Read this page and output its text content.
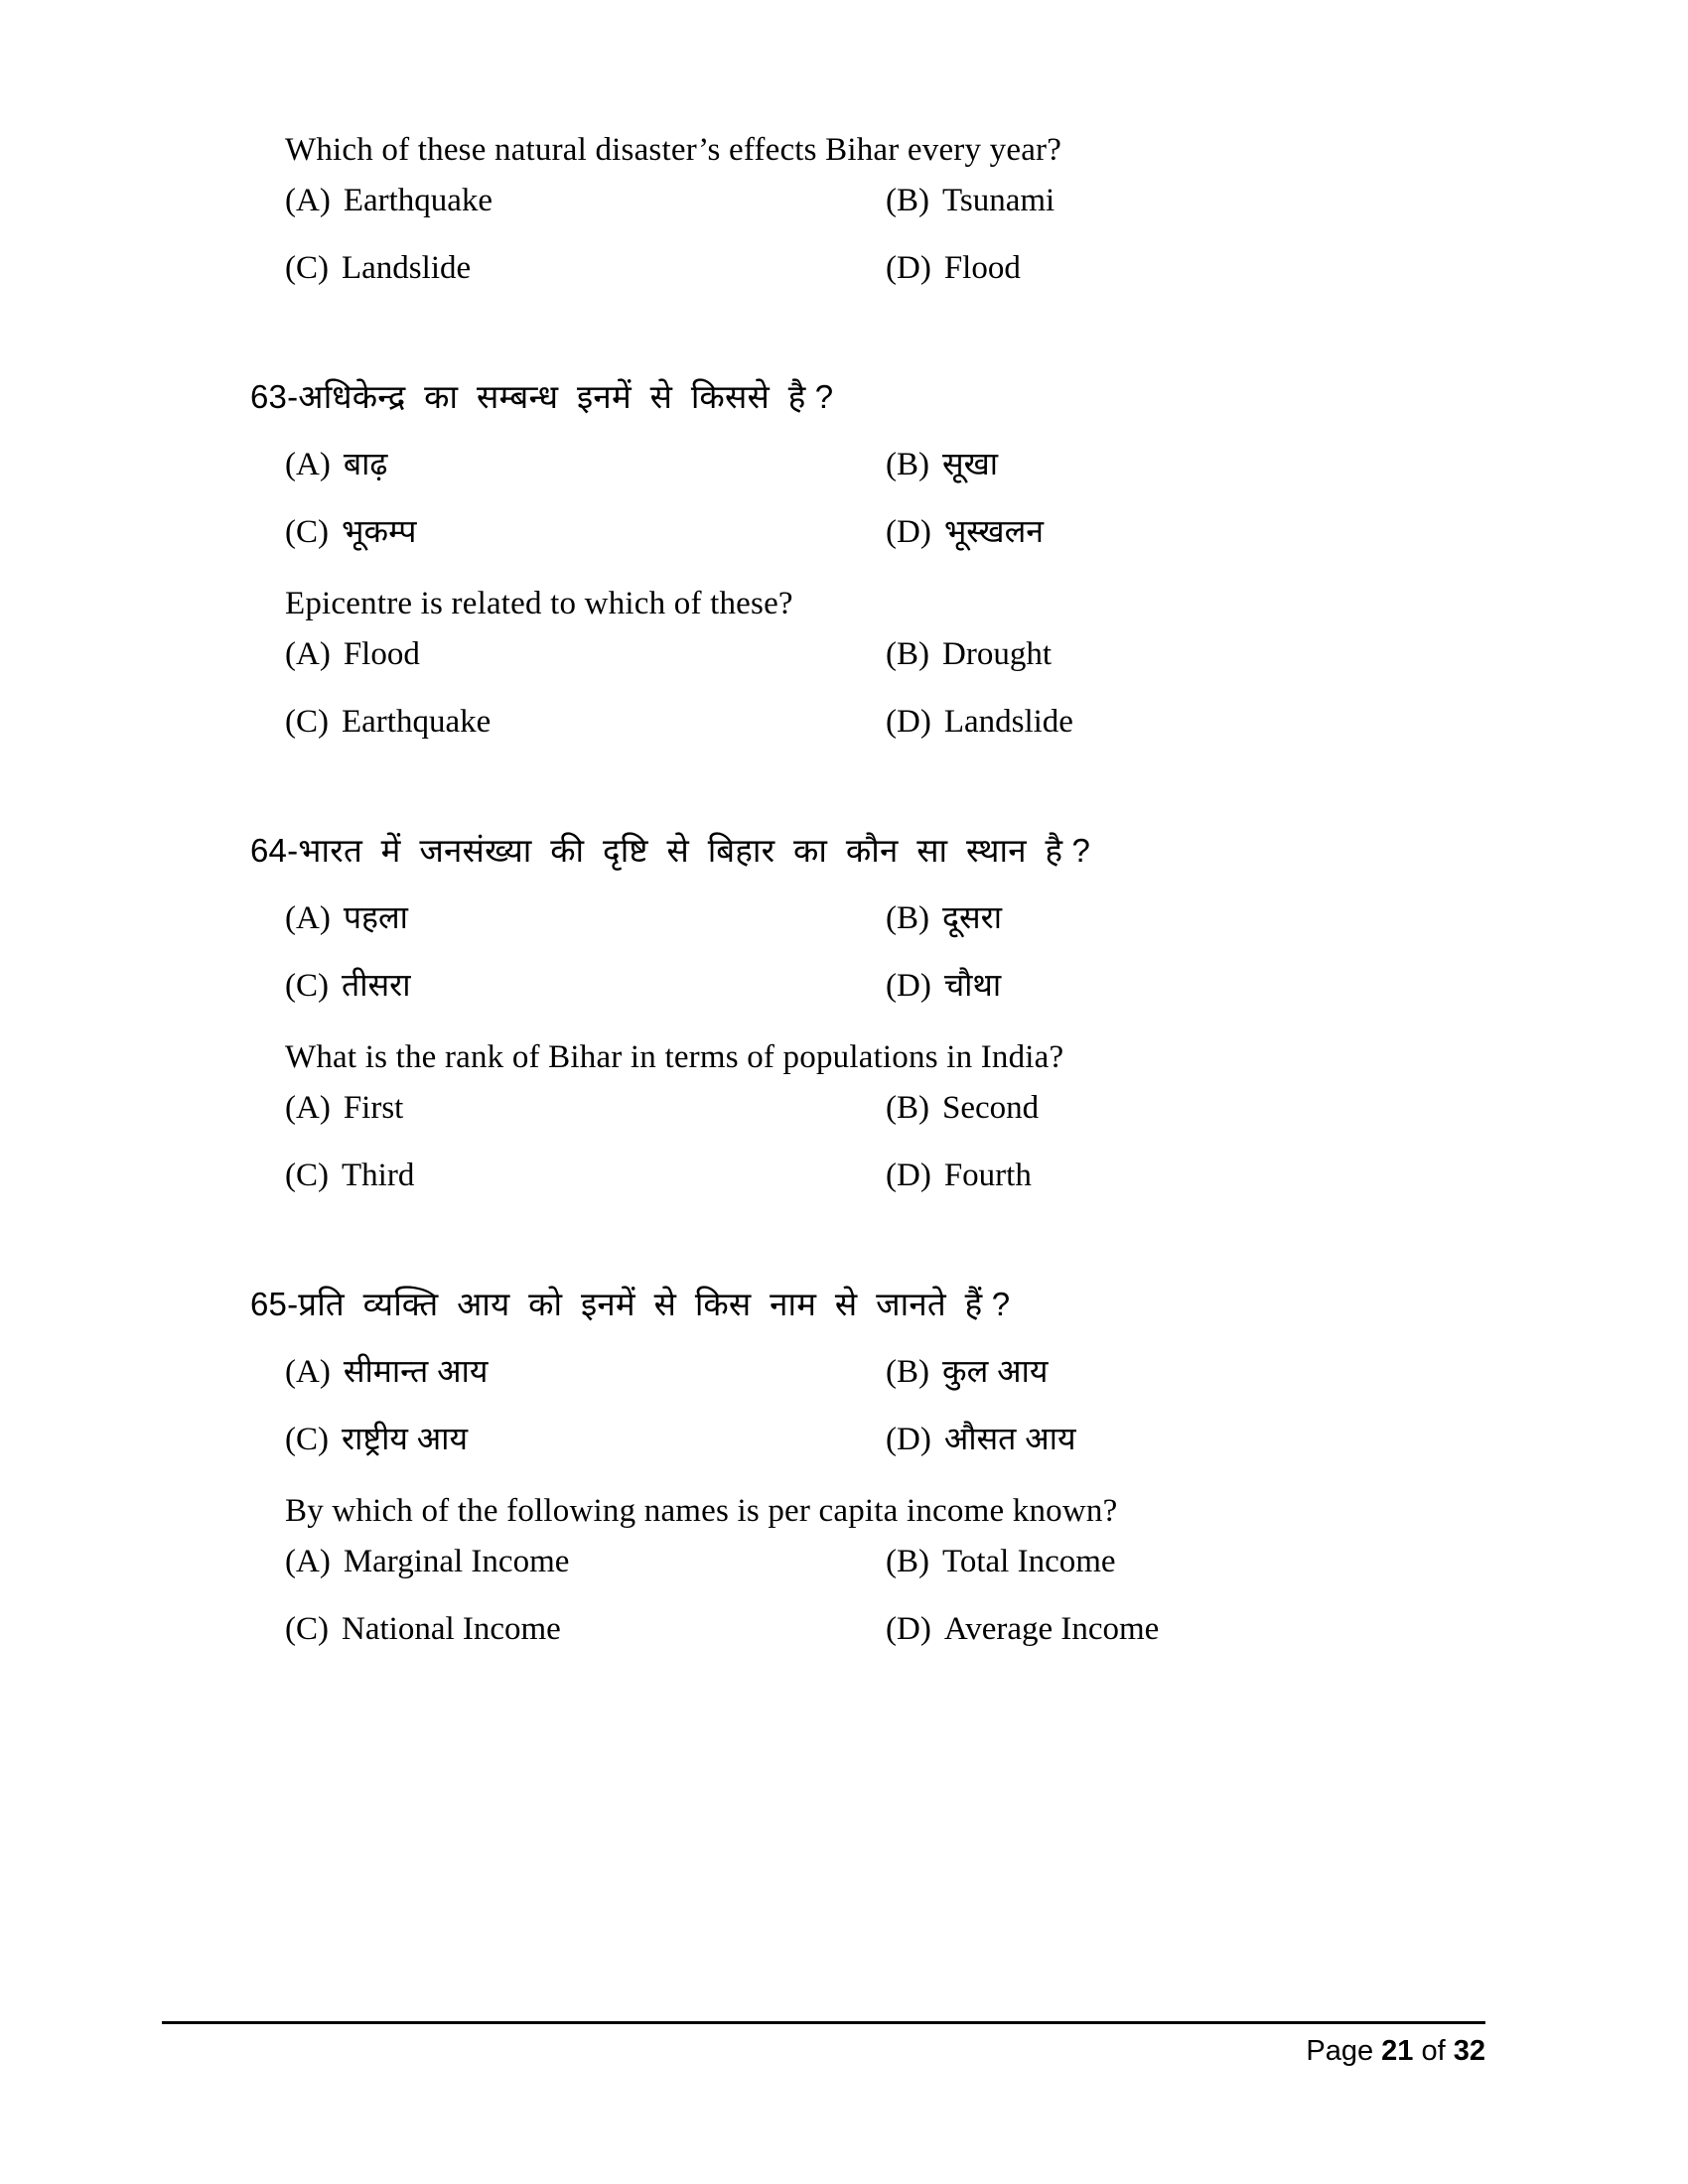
Which of these natural disaster’s effects Bihar every year?
(A) Earthquake	(B) Tsunami
(C) Landslide	(D) Flood
63-अधिकेन्द्र  का  सम्बन्ध  इनमें  से  किससे  है ?
(A) बाढ़	(B) सूखा
(C) भूकम्प	(D) भूस्खलन
Epicentre is related to which of these?
(A) Flood	(B) Drought
(C) Earthquake	(D) Landslide
64-भारत  में  जनसंख्या  की  दृष्टि  से  बिहार  का  कौन  सा  स्थान  है ?
(A) पहला	(B) दूसरा
(C) तीसरा	(D) चौथा
What is the rank of Bihar in terms of populations in India?
(A) First	(B) Second
(C) Third	(D) Fourth
65-प्रति  व्यक्ति  आय  को  इनमें  से  किस  नाम  से  जानते  हैं ?
(A) सीमान्त आय	(B) कुल आय
(C) राष्ट्रीय आय	(D) औसत आय
By which of the following names is per capita income known?
(A) Marginal Income	(B) Total Income
(C) National Income	(D) Average Income
Page 21 of 32
